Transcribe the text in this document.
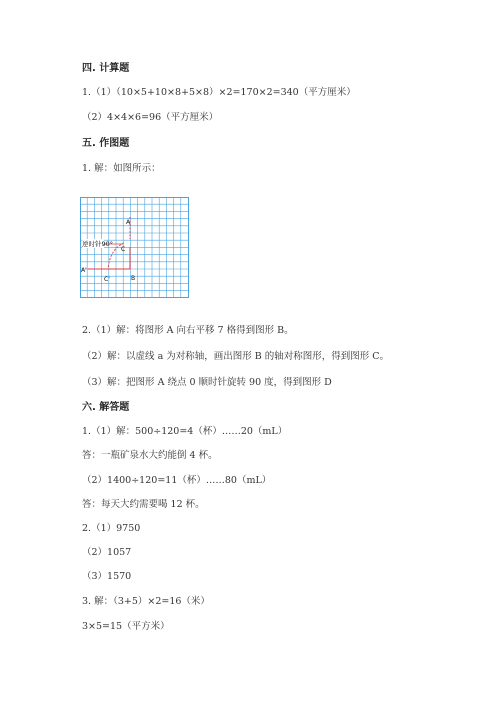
四. 计算题
1.（1）（10×5+10×8+5×8）×2=170×2=340（平方厘米）
（2）4×4×6=96（平方厘米）
五. 作图题
1. 解：如图所示：
逆时针90°
A
C
A'
B
C'
2.（1）解：将图形 A 向右平移 7 格得到图形 B。
（2）解：以虚线 a 为对称轴，画出图形 B 的轴对称图形，得到图形 C。
（3）解：把图形 A 绕点 0 顺时针旋转 90 度，得到图形 D
六. 解答题
1.（1）解：500÷120=4（杯）……20（mL）
答：一瓶矿泉水大约能倒 4 杯。
（2）1400÷120=11（杯）……80（mL）
答：每天大约需要喝 12 杯。
2.（1）9750
（2）1057
（3）1570
3. 解：（3+5）×2=16（米）
3×5=15（平方米）
